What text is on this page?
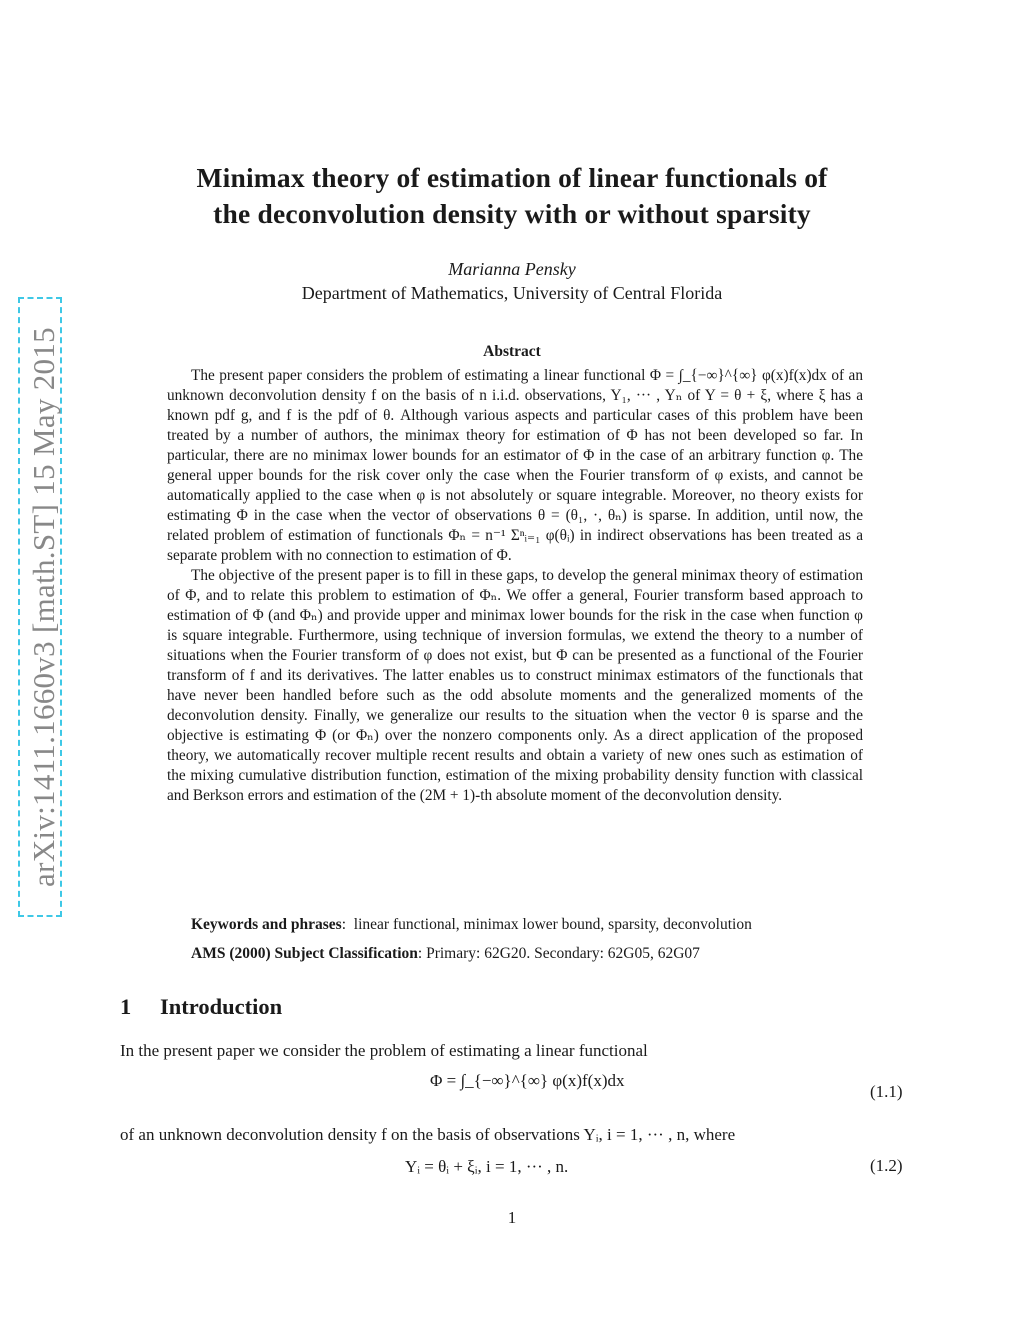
arXiv:1411.1660v3 [math.ST] 15 May 2015
Minimax theory of estimation of linear functionals of
the deconvolution density with or without sparsity
Marianna Pensky
Department of Mathematics, University of Central Florida
Abstract

The present paper considers the problem of estimating a linear functional Φ = ∫_{−∞}^{∞} φ(x)f(x)dx of an unknown deconvolution density f on the basis of n i.i.d. observations, Y₁, ··· , Yₙ of Y = θ + ξ, where ξ has a known pdf g, and f is the pdf of θ. Although various aspects and particular cases of this problem have been treated by a number of authors, the minimax theory for estimation of Φ has not been developed so far. In particular, there are no minimax lower bounds for an estimator of Φ in the case of an arbitrary function φ. The general upper bounds for the risk cover only the case when the Fourier transform of φ exists, and cannot be automatically applied to the case when φ is not absolutely or square integrable. Moreover, no theory exists for estimating Φ in the case when the vector of observations θ = (θ₁, ·, θₙ) is sparse. In addition, until now, the related problem of estimation of functionals Φₙ = n⁻¹ Σⁿᵢ₌₁ φ(θᵢ) in indirect observations has been treated as a separate problem with no connection to estimation of Φ.

The objective of the present paper is to fill in these gaps, to develop the general minimax theory of estimation of Φ, and to relate this problem to estimation of Φₙ. We offer a general, Fourier transform based approach to estimation of Φ (and Φₙ) and provide upper and minimax lower bounds for the risk in the case when function φ is square integrable. Furthermore, using technique of inversion formulas, we extend the theory to a number of situations when the Fourier transform of φ does not exist, but Φ can be presented as a functional of the Fourier transform of f and its derivatives. The latter enables us to construct minimax estimators of the functionals that have never been handled before such as the odd absolute moments and the generalized moments of the deconvolution density. Finally, we generalize our results to the situation when the vector θ is sparse and the objective is estimating Φ (or Φₙ) over the nonzero components only. As a direct application of the proposed theory, we automatically recover multiple recent results and obtain a variety of new ones such as estimation of the mixing cumulative distribution function, estimation of the mixing probability density function with classical and Berkson errors and estimation of the (2M + 1)-th absolute moment of the deconvolution density.

Keywords and phrases:  linear functional, minimax lower bound, sparsity, deconvolution
AMS (2000) Subject Classification: Primary: 62G20. Secondary: 62G05, 62G07
1 Introduction
In the present paper we consider the problem of estimating a linear functional
Φ = ∫_{−∞}^{∞} φ(x)f(x)dx
(1.1)
of an unknown deconvolution density f on the basis of observations Yᵢ, i = 1, ··· , n, where
Yᵢ = θᵢ + ξᵢ, i = 1, ··· , n.	(1.2)
1
